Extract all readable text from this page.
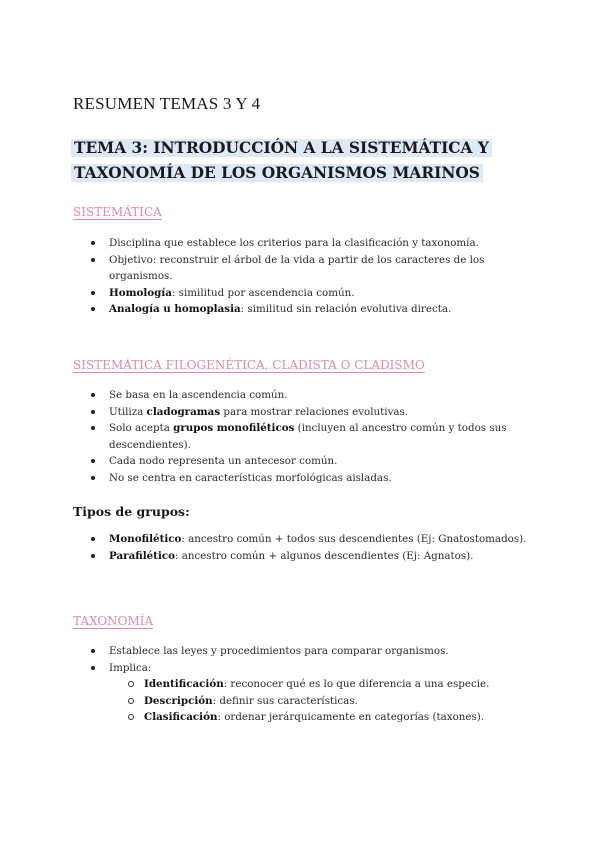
RESUMEN TEMAS 3 Y 4
TEMA 3: INTRODUCCIÓN A LA SISTEMÁTICA Y
TAXONOMÍA DE LOS ORGANISMOS MARINOS
SISTEMÁTICA
Disciplina que establece los criterios para la clasificación y taxonomía.
Objetivo: reconstruir el árbol de la vida a partir de los caracteres de los organismos.
Homología: similitud por ascendencia común.
Analogía u homoplasia: similitud sin relación evolutiva directa.
SISTEMÁTICA FILOGENÉTICA, CLADISTA O CLADISMO
Se basa en la ascendencia común.
Utiliza cladogramas para mostrar relaciones evolutivas.
Solo acepta grupos monofiléticos (incluyen al ancestro común y todos sus descendientes).
Cada nodo representa un antecesor común.
No se centra en características morfológicas aisladas.
Tipos de grupos:
Monofilético: ancestro común + todos sus descendientes (Ej: Gnatostomados).
Parafilético: ancestro común + algunos descendientes (Ej: Agnatos).
TAXONOMÍA
Establece las leyes y procedimientos para comparar organismos.
Implica:
Identificación: reconocer qué es lo que diferencia a una especie.
Descripción: definir sus características.
Clasificación: ordenar jerárquicamente en categorías (taxones).
